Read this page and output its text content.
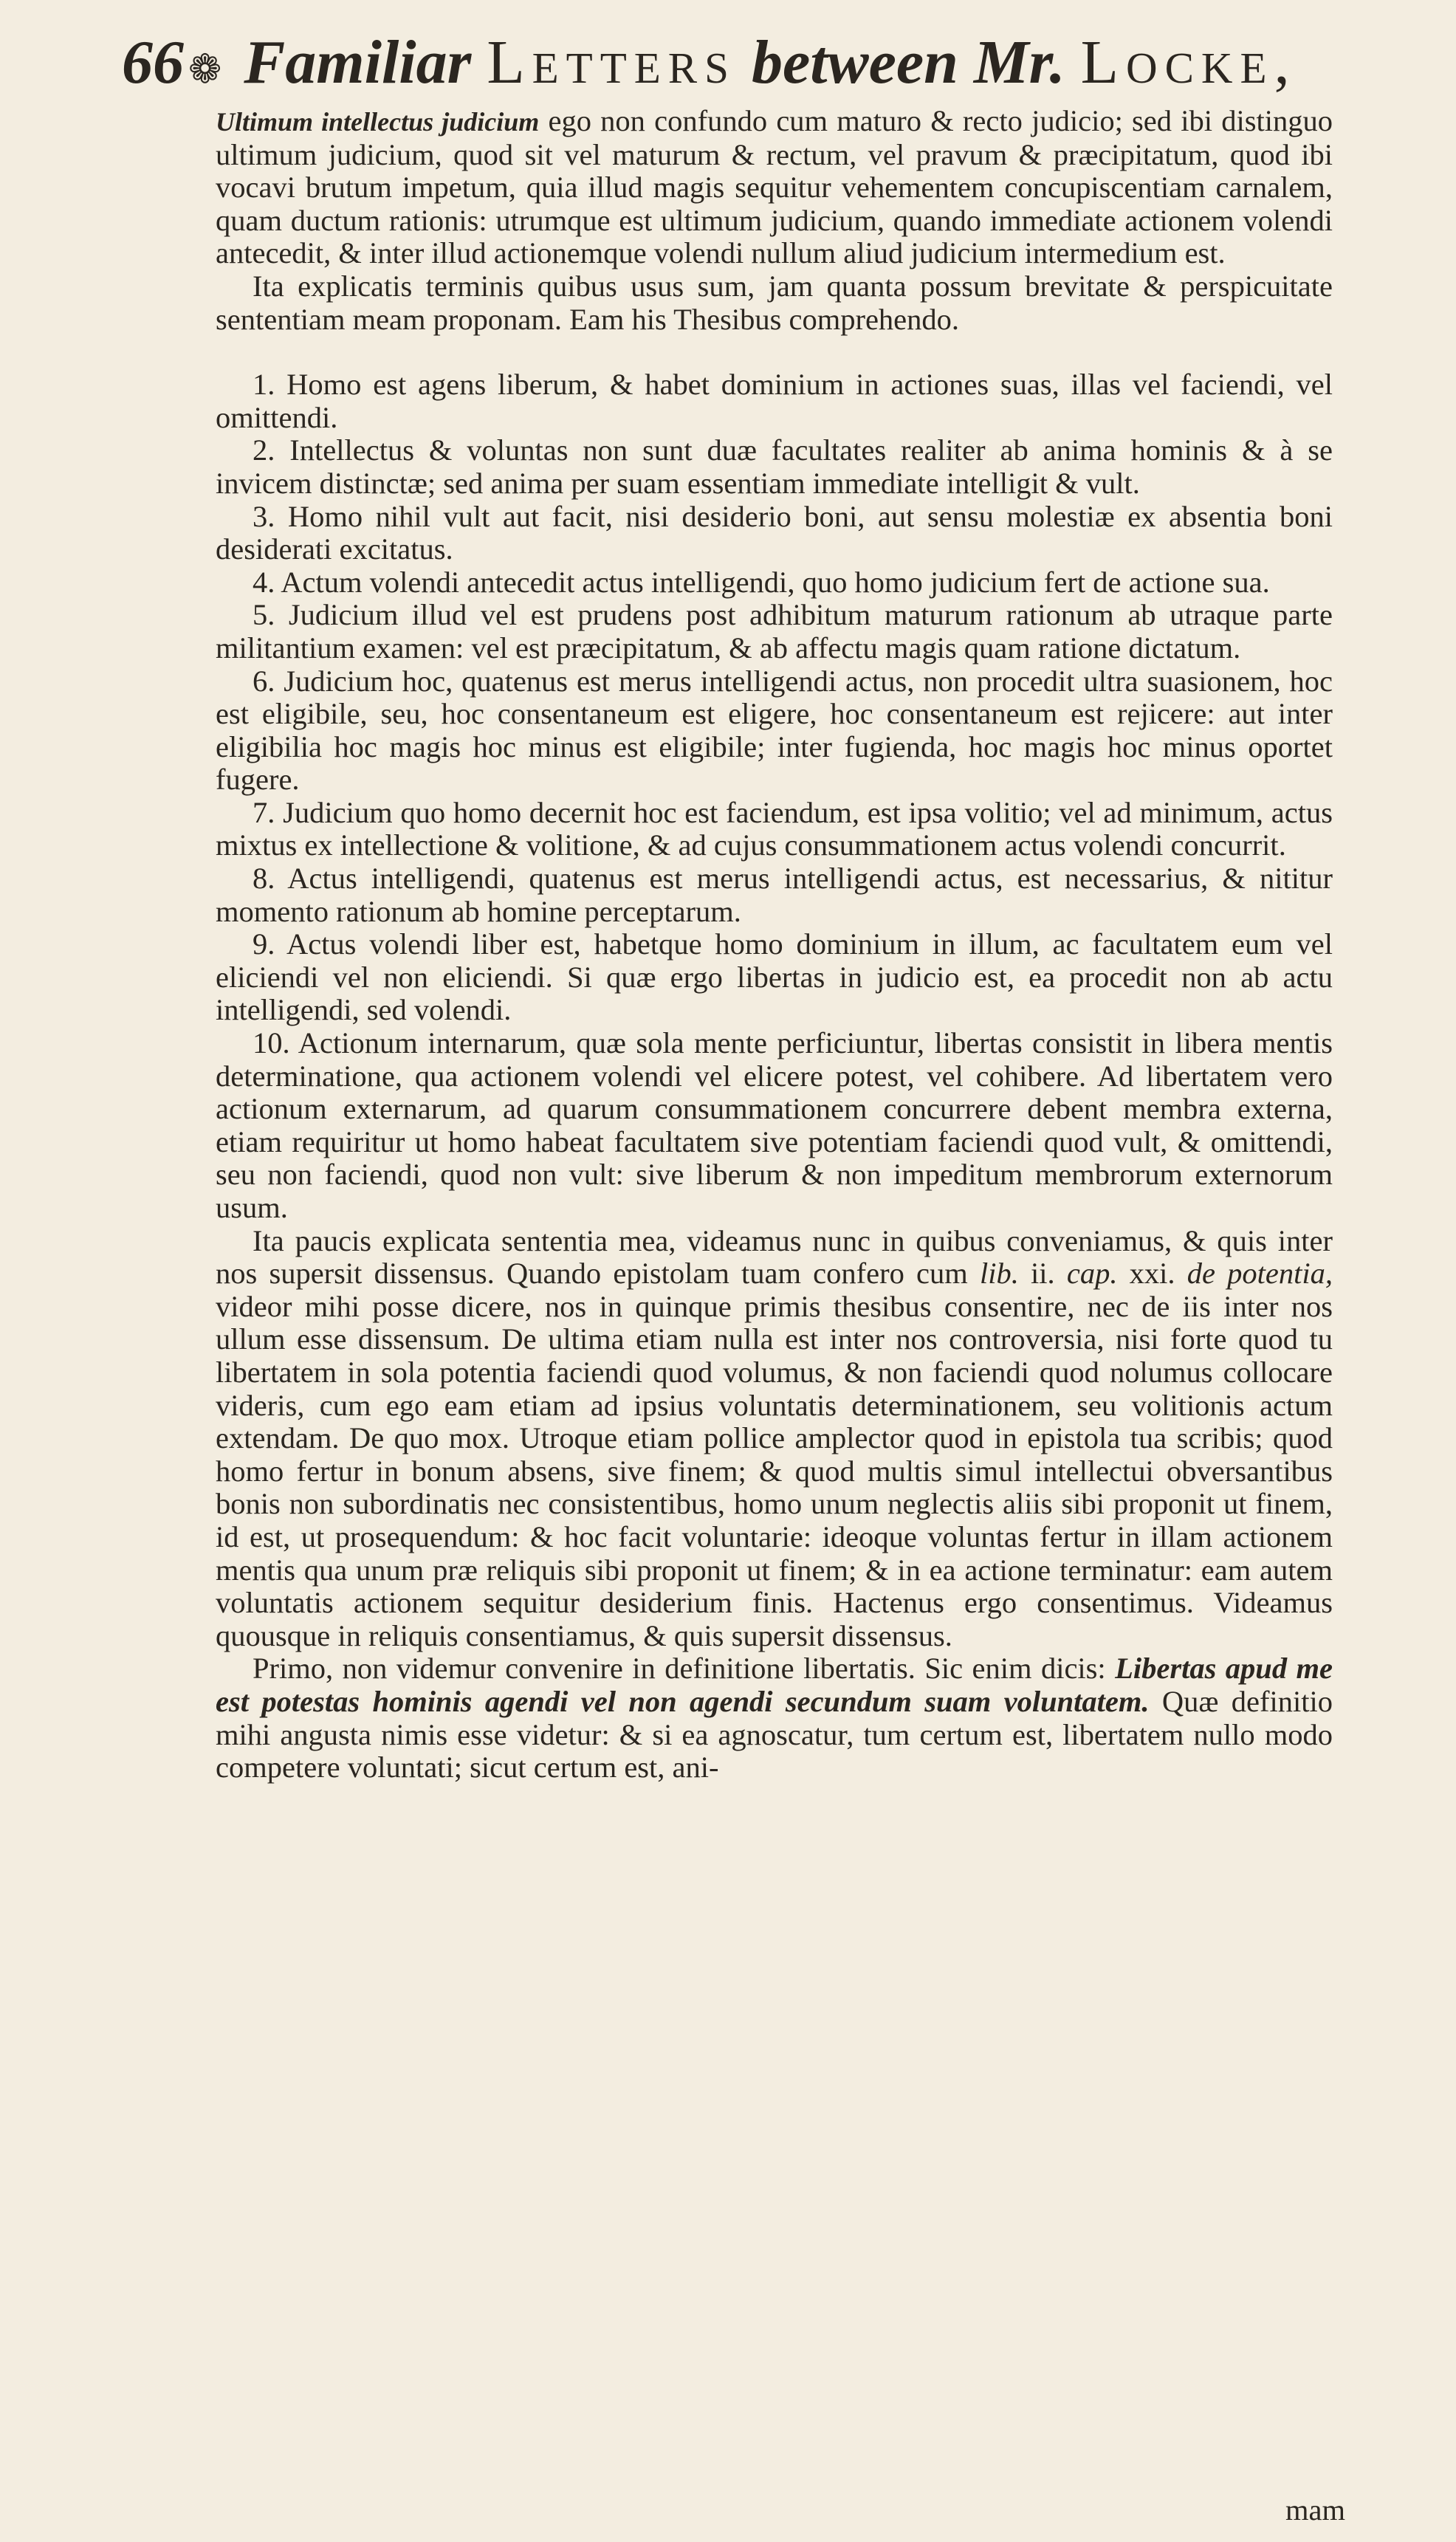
66 ❁ Familiar Letters between Mr. Locke,

Ultimum intellectus judicium ego non confundo cum maturo & recto judicio; sed ibi distinguo ultimum judicium, quod sit vel maturum & rectum, vel pravum & præcipitatum, quod ibi vocavi brutum impetum, quia illud magis sequitur vehementem concupiscentiam carnalem, quam ductum rationis: utrumque est ultimum judicium, quando immediate actionem volendi antecedit, & inter illud actionemque volendi nullum aliud judicium intermedium est.

Ita explicatis terminis quibus usus sum, jam quanta possum brevitate & perspicuitate sententiam meam proponam. Eam his Thesibus comprehendo.

1. Homo est agens liberum, & habet dominium in actiones suas, illas vel faciendi, vel omittendi.

2. Intellectus & voluntas non sunt duæ facultates realiter ab anima hominis & à se invicem distinctæ; sed anima per suam essentiam immediate intelligit & vult.

3. Homo nihil vult aut facit, nisi desiderio boni, aut sensu molestiæ ex absentia boni desiderati excitatus.

4. Actum volendi antecedit actus intelligendi, quo homo judicium fert de actione sua.

5. Judicium illud vel est prudens post adhibitum maturum rationum ab utraque parte militantium examen: vel est præcipitatum, & ab affectu magis quam ratione dictatum.

6. Judicium hoc, quatenus est merus intelligendi actus, non procedit ultra suasionem, hoc est eligibile, seu, hoc consentaneum est eligere, hoc consentaneum est rejicere: aut inter eligibilia hoc magis hoc minus est eligibile; inter fugienda, hoc magis hoc minus oportet fugere.

7. Judicium quo homo decernit hoc est faciendum, est ipsa volitio; vel ad minimum, actus mixtus ex intellectione & volitione, & ad cujus consummationem actus volendi concurrit.

8. Actus intelligendi, quatenus est merus intelligendi actus, est necessarius, & nititur momento rationum ab homine perceptarum.

9. Actus volendi liber est, habetque homo dominium in illum, ac facultatem eum vel eliciendi vel non eliciendi. Si quæ ergo libertas in judicio est, ea procedit non ab actu intelligendi, sed volendi.

10. Actionum internarum, quæ sola mente perficiuntur, libertas consistit in libera mentis determinatione, qua actionem volendi vel elicere potest, vel cohibere. Ad libertatem vero actionum externarum, ad quarum consummationem concurrere debent membra externa, etiam requiritur ut homo habeat facultatem sive potentiam faciendi quod vult, & omittendi, seu non faciendi, quod non vult: sive liberum & non impeditum membrorum externorum usum.

Ita paucis explicata sententia mea, videamus nunc in quibus conveniamus, & quis inter nos supersit dissensus. Quando epistolam tuam confero cum lib. ii. cap. xxi. de potentia, videor mihi posse dicere, nos in quinque primis thesibus consentire, nec de iis inter nos ullum esse dissensum. De ultima etiam nulla est inter nos controversia, nisi forte quod tu libertatem in sola potentia faciendi quod volumus, & non faciendi quod nolumus collocare videris, cum ego eam etiam ad ipsius voluntatis determinationem, seu volitionis actum extendam. De quo mox. Utroque etiam pollice amplector quod in epistola tua scribis; quod homo fertur in bonum absens, sive finem; & quod multis simul intellectui obversantibus bonis non subordinatis nec consistentibus, homo unum neglectis aliis sibi proponit ut finem, id est, ut prosequendum: & hoc facit voluntarie: ideoque voluntas fertur in illam actionem mentis qua unum præ reliquis sibi proponit ut finem; & in ea actione terminatur: eam autem voluntatis actionem sequitur desiderium finis. Hactenus ergo consentimus. Videamus quousque in reliquis consentiamus, & quis supersit dissensus.

Primo, non videmur convenire in definitione libertatis. Sic enim dicis: Libertas apud me est potestas hominis agendi vel non agendi secundum suam voluntatem. Quæ definitio mihi angusta nimis esse videtur: & si ea agnoscatur, tum certum est, libertatem nullo modo competere voluntati; sicut certum est, ani-

mam
